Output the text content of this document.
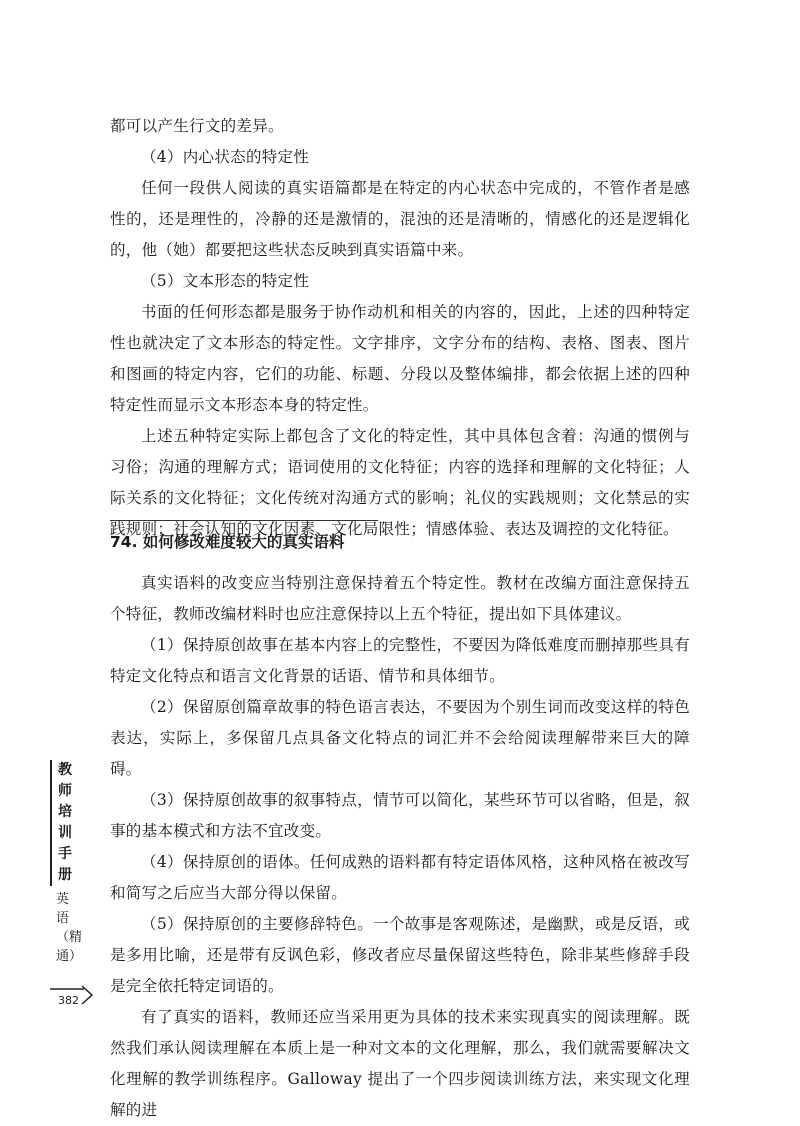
都可以产生行文的差异。

（4）内心状态的特定性

任何一段供人阅读的真实语篇都是在特定的内心状态中完成的，不管作者是感性的，还是理性的，冷静的还是激情的，混浊的还是清晰的，情感化的还是逻辑化的，他（她）都要把这些状态反映到真实语篇中来。

（5）文本形态的特定性

书面的任何形态都是服务于协作动机和相关的内容的，因此，上述的四种特定性也就决定了文本形态的特定性。文字排序，文字分布的结构、表格、图表、图片和图画的特定内容，它们的功能、标题、分段以及整体编排，都会依据上述的四种特定性而显示文本形态本身的特定性。

上述五种特定实际上都包含了文化的特定性，其中具体包含着：沟通的惯例与习俗；沟通的理解方式；语词使用的文化特征；内容的选择和理解的文化特征；人际关系的文化特征；文化传统对沟通方式的影响；礼仪的实践规则；文化禁忌的实践规则；社会认知的文化因素、文化局限性；情感体验、表达及调控的文化特征。

74. 如何修改难度较大的真实语料

真实语料的改变应当特别注意保持着五个特定性。教材在改编方面注意保持五个特征，教师改编材料时也应注意保持以上五个特征，提出如下具体建议。

（1）保持原创故事在基本内容上的完整性，不要因为降低难度而删掉那些具有特定文化特点和语言文化背景的话语、情节和具体细节。

（2）保留原创篇章故事的特色语言表达，不要因为个别生词而改变这样的特色表达，实际上，多保留几点具备文化特点的词汇并不会给阅读理解带来巨大的障碍。

（3）保持原创故事的叙事特点，情节可以简化，某些环节可以省略，但是，叙事的基本模式和方法不宜改变。

（4）保持原创的语体。任何成熟的语料都有特定语体风格，这种风格在被改写和简写之后应当大部分得以保留。

（5）保持原创的主要修辞特色。一个故事是客观陈述，是幽默，或是反语，或是多用比喻，还是带有反讽色彩，修改者应尽量保留这些特色，除非某些修辞手段是完全依托特定词语的。

有了真实的语料，教师还应当采用更为具体的技术来实现真实的阅读理解。既然我们承认阅读理解在本质上是一种对文本的文化理解，那么，我们就需要解决文化理解的教学训练程序。Galloway 提出了一个四步阅读训练方法，来实现文化理解的进

教师培训手册
英语（精通）
382
